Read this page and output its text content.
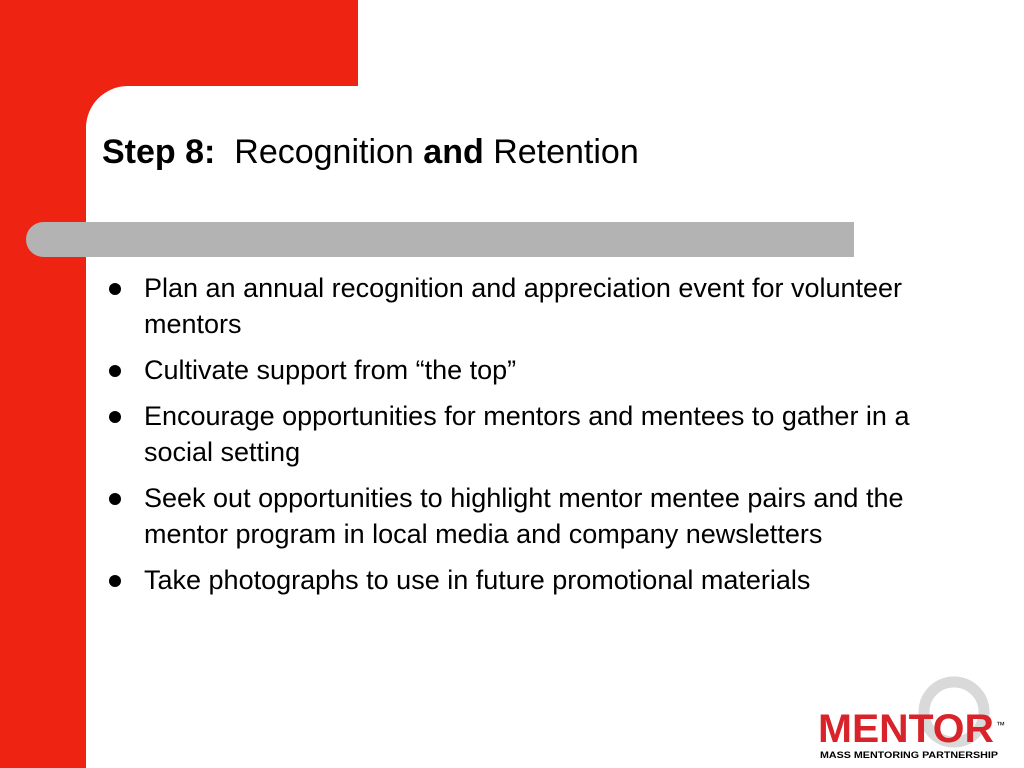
Step 8: Recognition and Retention
Plan an annual recognition and appreciation event for volunteer mentors
Cultivate support from “the top”
Encourage opportunities for mentors and mentees to gather in a social setting
Seek out opportunities to highlight mentor mentee pairs and the mentor program in local media and company newsletters
Take photographs to use in future promotional materials
MENTOR ™
MASS MENTORING PARTNERSHIP
